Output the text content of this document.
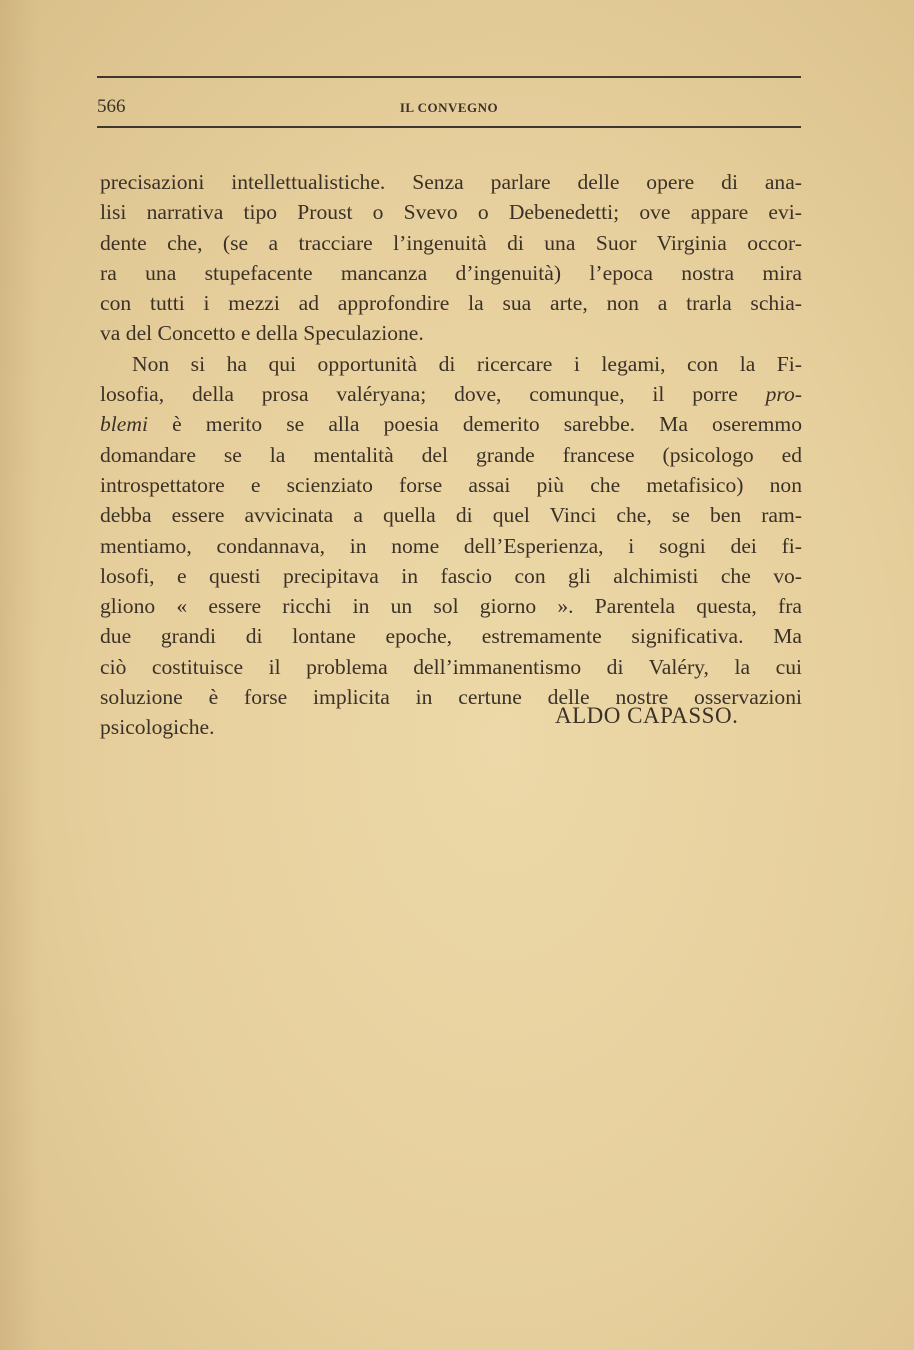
566	IL CONVEGNO
precisazioni intellettualistiche. Senza parlare delle opere di ana-
lisi narrativa tipo Proust o Svevo o Debenedetti; ove appare evi-
dente che, (se a tracciare l’ingenuità di una Suor Virginia occor-
ra una stupefacente mancanza d’ingenuità) l’epoca nostra mira
con tutti i mezzi ad approfondire la sua arte, non a trarla schia-
va del Concetto e della Speculazione.
Non si ha qui opportunità di ricercare i legami, con la Fi-
losofia, della prosa valéryana; dove, comunque, il porre pro-
blemi è merito se alla poesia demerito sarebbe. Ma oseremmo
domandare se la mentalità del grande francese (psicologo ed
introspettatore e scienziato forse assai più che metafisico) non
debba essere avvicinata a quella di quel Vinci che, se ben ram-
mentiamo, condannava, in nome dell’Esperienza, i sogni dei fi-
losofi, e questi precipitava in fascio con gli alchimisti che vo-
gliono « essere ricchi in un sol giorno ». Parentela questa, fra
due grandi di lontane epoche, estremamente significativa. Ma
ciò costituisce il problema dell’immanentismo di Valéry, la cui
soluzione è forse implicita in certune delle nostre osservazioni
psicologiche.	ALDO CAPASSO.
